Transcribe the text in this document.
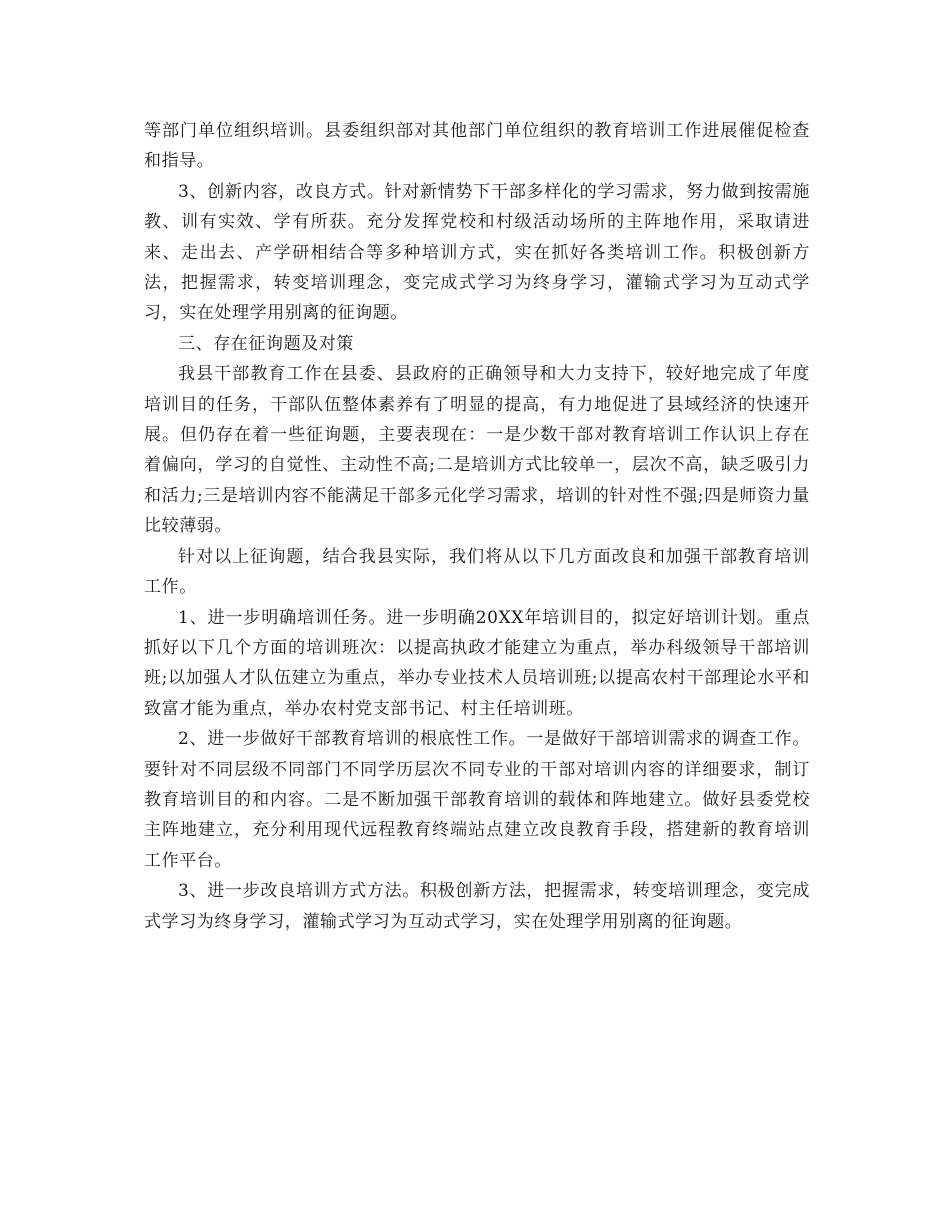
等部门单位组织培训。县委组织部对其他部门单位组织的教育培训工作进展催促检查和指导。

3、创新内容，改良方式。针对新情势下干部多样化的学习需求，努力做到按需施教、训有实效、学有所获。充分发挥党校和村级活动场所的主阵地作用，采取请进来、走出去、产学研相结合等多种培训方式，实在抓好各类培训工作。积极创新方法，把握需求，转变培训理念，变完成式学习为终身学习，灌输式学习为互动式学习，实在处理学用别离的征询题。

三、存在征询题及对策

我县干部教育工作在县委、县政府的正确领导和大力支持下，较好地完成了年度培训目的任务，干部队伍整体素养有了明显的提高，有力地促进了县域经济的快速开展。但仍存在着一些征询题，主要表现在：一是少数干部对教育培训工作认识上存在着偏向，学习的自觉性、主动性不高;二是培训方式比较单一，层次不高，缺乏吸引力和活力;三是培训内容不能满足干部多元化学习需求，培训的针对性不强;四是师资力量比较薄弱。

针对以上征询题，结合我县实际，我们将从以下几方面改良和加强干部教育培训工作。

1、进一步明确培训任务。进一步明确20XX年培训目的，拟定好培训计划。重点抓好以下几个方面的培训班次：以提高执政才能建立为重点，举办科级领导干部培训班;以加强人才队伍建立为重点，举办专业技术人员培训班;以提高农村干部理论水平和致富才能为重点，举办农村党支部书记、村主任培训班。

2、进一步做好干部教育培训的根底性工作。一是做好干部培训需求的调查工作。要针对不同层级不同部门不同学历层次不同专业的干部对培训内容的详细要求，制订教育培训目的和内容。二是不断加强干部教育培训的载体和阵地建立。做好县委党校主阵地建立，充分利用现代远程教育终端站点建立改良教育手段，搭建新的教育培训工作平台。

3、进一步改良培训方式方法。积极创新方法，把握需求，转变培训理念，变完成式学习为终身学习，灌输式学习为互动式学习，实在处理学用别离的征询题。
